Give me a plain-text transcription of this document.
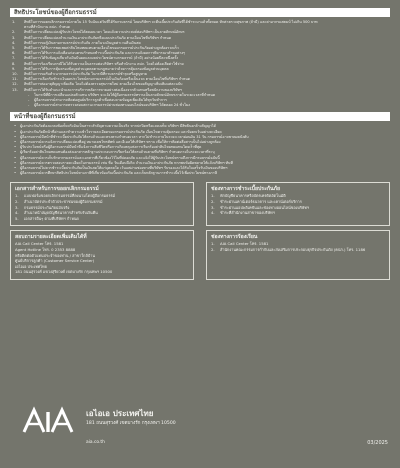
สิทธิประโยชน์ของผู้ถือกรมธรรม์
1.	สิทธิในการขอยกเลิกกรมธรรม์ภายใน 15 วันนับแต่วันที่ได้รับกรมธรรม์ โดยบริษัทฯ จะคืนเบี้ยประกันภัยที่ได้ชำระมาแล้วทั้งหมด หักค่าตรวจสุขภาพ (ถ้ามี) และค่าอากรแสตมป์ ไม่เกิน 500 บาท
ตามที่สำนักงาน คปภ. กำหนด
2.	สิทธิในการเปลี่ยนแปลงผู้รับประโยชน์ได้ตลอดเวลา โดยแจ้งความประสงค์ต่อบริษัทฯ เป็นลายลักษณ์อักษร
3.	สิทธิในการเปลี่ยนแปลงจำนวนเงินเอาประกันภัยหรือแบบประกันภัย ตามเงื่อนไขที่บริษัทฯ กำหนด
4.	สิทธิในการขอกู้เงินตามกรมธรรม์ประกันภัย ภายในวงเงินมูลค่าเวนคืนเงินสด
5.	สิทธิในการได้รับการชดเชยค่าสินไหมทดแทนตามเงื่อนไขของกรมธรรม์ประกันภัยอย่างถูกต้องรวดเร็ว
6.	สิทธิในการได้รับการแจ้งเตือนก่อนครบกำหนดชำระเบี้ยประกันภัย และการแจ้งผลการพิจารณาคำขอต่างๆ
7.	สิทธิในการได้รับข้อมูลเกี่ยวกับเงินปันผลและผลประโยชน์ตามกรมธรรม์ (ถ้ามี) อย่างน้อยปีละหนึ่งครั้ง
8.	สิทธิในการร้องเรียนกรณีไม่ได้รับความเป็นธรรมต่อบริษัทฯ หรือสำนักงาน คปภ. โดยไม่ต้องเสียค่าใช้จ่าย
9.	สิทธิในการได้รับการคุ้มครองข้อมูลส่วนบุคคลตามกฎหมายว่าด้วยการคุ้มครองข้อมูลส่วนบุคคล
10.	สิทธิในการขอรับสำเนากรมธรรม์ประกันภัย ในกรณีที่กรมธรรม์ชำรุดหรือสูญหาย
11.	สิทธิในการเลือกรับชำระเงินผลประโยชน์ตามกรมธรรม์เป็นเงินก้อนหรือเป็นงวด ตามเงื่อนไขที่บริษัทฯ กำหนด
12.	สิทธิในการต่ออายุสัญญาเพิ่มเติม โดยไม่ต้องตรวจสุขภาพใหม่ ตามเงื่อนไขของสัญญาเพิ่มเติมแต่ละฉบับ
13.	สิทธิในการได้รับคำแนะนำและการบริการหลังการขายอย่างต่อเนื่องจากตัวแทนหรือพนักงานของบริษัทฯ
-	ในกรณีที่มีการเปลี่ยนแปลงตัวแทน บริษัทฯ จะแจ้งให้ผู้ถือกรมธรรม์ทราบเป็นลายลักษณ์อักษรภายในระยะเวลาที่กำหนด
-	ผู้ถือกรมธรรม์สามารถติดต่อศูนย์บริการลูกค้าเพื่อสอบถามข้อมูลเพิ่มเติมได้ทุกวันทำการ
-	ผู้ถือกรมธรรม์สามารถตรวจสอบสถานะกรมธรรม์ผ่านช่องทางออนไลน์ของบริษัทฯ ได้ตลอด 24 ชั่วโมง
หน้าที่ของผู้ถือกรมธรรม์
•	ผู้เอาประกันภัยต้องแถลงข้อเท็จจริงอันเป็นสาระสำคัญตามความเป็นจริง หากปกปิดหรือแถลงเท็จ บริษัทฯ มีสิทธิบอกล้างสัญญาได้
•	ผู้เอาประกันภัยมีหน้าที่อ่านและทำความเข้าใจรายละเอียดของกรมธรรม์ประกันภัย เงื่อนไขความคุ้มครอง และข้อยกเว้นอย่างละเอียด
•	ผู้ถือกรมธรรม์มีหน้าที่ชำระเบี้ยประกันภัยให้ครบถ้วนและตรงตามกำหนดเวลา หากไม่ชำระภายในระยะเวลาผ่อนผัน 31 วัน กรมธรรม์อาจขาดผลบังคับ
•	ผู้ถือกรมธรรม์ควรแจ้งการเปลี่ยนแปลงที่อยู่ หมายเลขโทรศัพท์ และอีเมลให้บริษัทฯ ทราบ เพื่อให้การติดต่อสื่อสารเป็นไปอย่างถูกต้อง
•	ผู้รับประโยชน์หรือผู้ถือกรมธรรม์มีหน้าที่แจ้งการเสียชีวิตหรือการเกิดเหตุแห่งการเรียกร้องค่าสินไหมทดแทนโดยเร็วที่สุด
•	ผู้เรียกร้องค่าสินไหมทดแทนต้องส่งเอกสารหลักฐานประกอบการเรียกร้องให้ครบถ้วนตามที่บริษัทฯ กำหนดภายในระยะเวลาที่ระบุ
•	ผู้ถือกรมธรรม์ควรเก็บรักษากรมธรรม์และเอกสารที่เกี่ยวข้องไว้ในที่ปลอดภัย และแจ้งให้ผู้รับประโยชน์ทราบถึงการมีกรมธรรม์ฉบับนี้
•	ผู้ถือกรมธรรม์ควรตรวจสอบรายละเอียดในกรมธรรม์ เช่น ชื่อ วันเดือนปีเกิด จำนวนเงินเอาประกันภัย หากพบข้อผิดพลาดให้แจ้งบริษัทฯ ทันที
•	ผู้ถือกรมธรรม์ไม่ควรชำระเบี้ยประกันภัยเป็นเงินสดให้แก่บุคคลใด เว้นแต่ผ่านช่องทางที่บริษัทฯ รับรองและได้รับใบเสร็จรับเงินของบริษัทฯ
•	ผู้ถือกรมธรรม์ควรศึกษาสิทธิประโยชน์ทางภาษีที่เกี่ยวข้องกับเบี้ยประกันภัย และเก็บหลักฐานการชำระเบี้ยไว้เพื่อประโยชน์ทางภาษี
เอกสารสำหรับการขอยกเลิกกรมธรรม์
1.	แบบฟอร์มขอยกเลิกกรมธรรม์ที่ลงนามโดยผู้ถือกรมธรรม์
2.	สำเนาบัตรประจำตัวประชาชนของผู้ถือกรมธรรม์
3.	กรมธรรม์ประกันภัยฉบับจริง
4.	สำเนาหน้าสมุดบัญชีธนาคารสำหรับรับเงินคืน
5.	เอกสารอื่นๆ ตามที่บริษัทฯ กำหนด
ช่องทางการชำระเบี้ยประกันภัย
1.	หักบัญชีธนาคารหรือบัตรเครดิตอัตโนมัติ
2.	ชำระผ่านเคาน์เตอร์ธนาคาร และเคาน์เตอร์บริการ
3.	ชำระผ่านแอปพลิเคชันและช่องทางออนไลน์ของบริษัทฯ
4.	ชำระที่สำนักงานสาขาของบริษัทฯ
สอบถามรายละเอียดเพิ่มเติมได้ที่
AIA Call Center โทร. 1581
Agent Hotline โทร. 0 2353 8888
หรือติดต่อตัวแทนประจำของท่าน / สาขาใกล้บ้าน
ศูนย์บริการลูกค้า (Customer Service Center)
เอไอเอ ประเทศไทย
181 ถนนสุรวงศ์ แขวงสุริยวงศ์ เขตบางรัก กรุงเทพฯ 10500
ช่องทางการร้องเรียน
1.	AIA Call Center โทร. 1581
2.	สำนักงานคณะกรรมการกำกับและส่งเสริมการประกอบธุรกิจประกันภัย (คปภ.) โทร. 1186
เอไอเอ ประเทศไทย
181 ถนนสุรวงศ์ เขตบางรัก กรุงเทพฯ 10500
aia.co.th	03/2025
